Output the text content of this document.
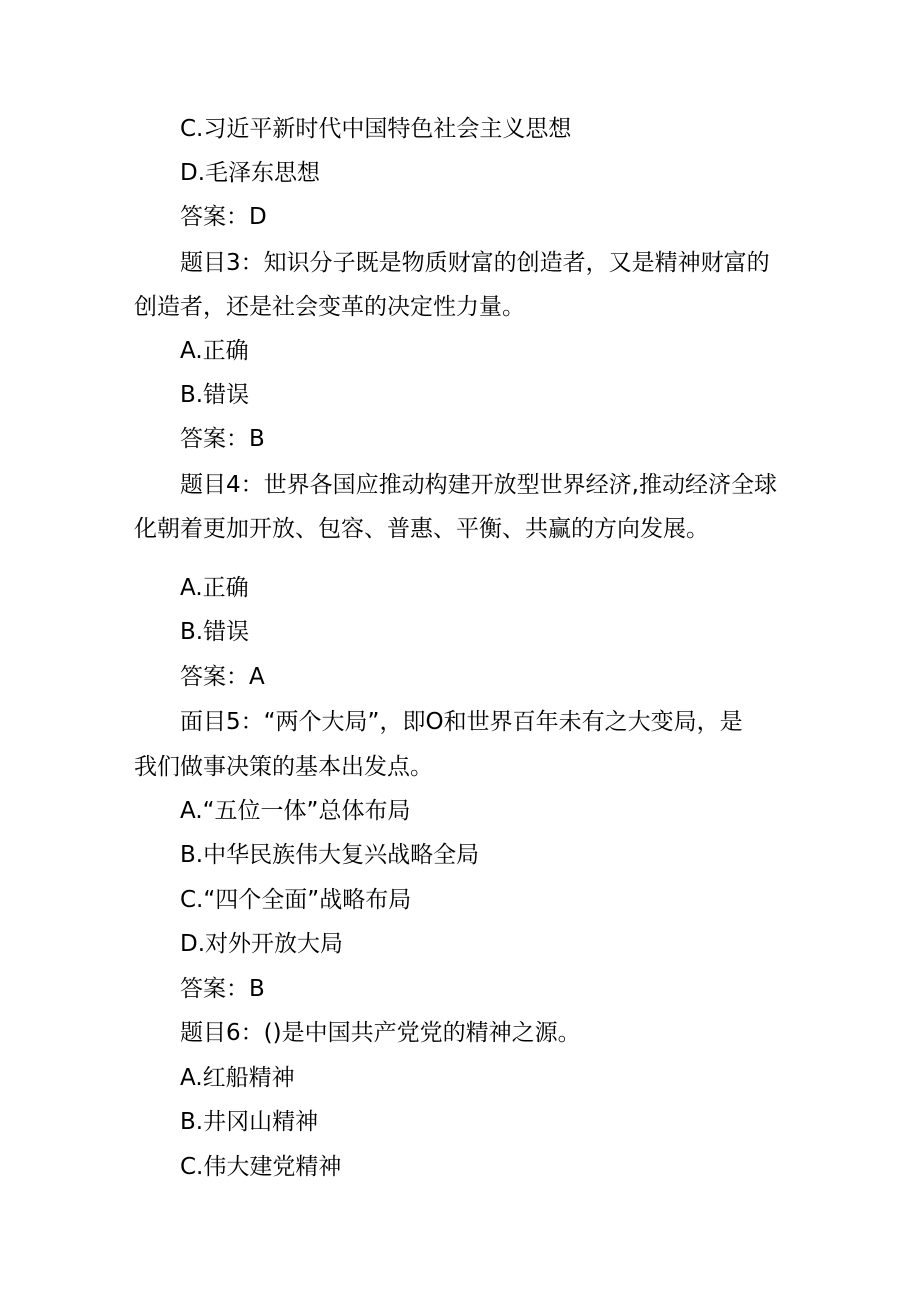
C.习近平新时代中国特色社会主义思想
D.毛泽东思想
答案：D
题目3：知识分子既是物质财富的创造者，又是精神财富的
创造者，还是社会变革的决定性力量。
A.正确
B.错误
答案：B
题目4：世界各国应推动构建开放型世界经济,推动经济全球
化朝着更加开放、包容、普惠、平衡、共赢的方向发展。
A.正确
B.错误
答案：A
面目5：“两个大局”，即O和世界百年未有之大变局，是
我们做事决策的基本出发点。
A.“五位一体”总体布局
B.中华民族伟大复兴战略全局
C.“四个全面”战略布局
D.对外开放大局
答案：B
题目6：()是中国共产党党的精神之源。
A.红船精神
B.井冈山精神
C.伟大建党精神
